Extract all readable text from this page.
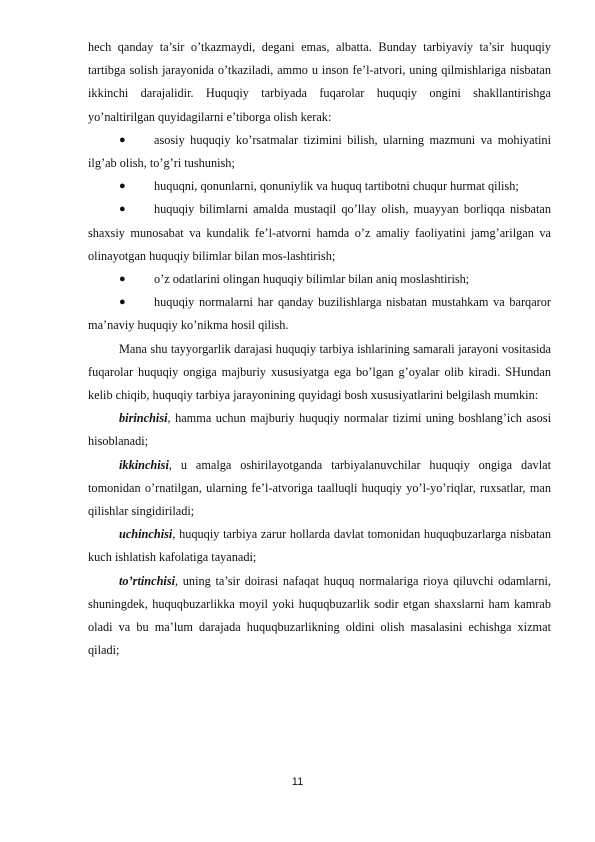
hech qanday ta’sir o’tkazmaydi, degani emas, albatta. Bunday tarbiyaviy ta’sir huquqiy tartibga solish jarayonida o’tkaziladi, ammo u inson fe’l-atvori, uning qilmishlariga nisbatan ikkinchi darajalidir. Huquqiy tarbiyada fuqarolar huquqiy ongini shakllantirishga yo’naltirilgan quyidagilarni e’tiborga olish kerak:

● asosiy huquqiy ko’rsatmalar tizimini bilish, ularning mazmuni va mohiyatini ilg’ab olish, to’g’ri tushunish;

● huquqni, qonunlarni, qonuniylik va huquq tartibotni chuqur hurmat qilish;

● huquqiy bilimlarni amalda mustaqil qo’llay olish, muayyan borliqqa nisbatan shaxsiy munosabat va kundalik fe’l-atvorni hamda o’z amaliy faoliyatini jamg’arilgan va olinayotgan huquqiy bilimlar bilan mos-lashtirish;

● o’z odatlarini olingan huquqiy bilimlar bilan aniq moslashtirish;

● huquqiy normalarni har qanday buzilishlarga nisbatan mustahkam va barqaror ma’naviy huquqiy ko’nikma hosil qilish.

Mana shu tayyorgarlik darajasi huquqiy tarbiya ishlarining samarali jarayoni vositasida fuqarolar huquqiy ongiga majburiy xususiyatga ega bo’lgan g’oyalar olib kiradi. SHundan kelib chiqib, huquqiy tarbiya jarayonining quyidagi bosh xususiyatlarini belgilash mumkin:

birinchisi, hamma uchun majburiy huquqiy normalar tizimi uning boshlang’ich asosi hisoblanadi;

ikkinchisi, u amalga oshirilayotganda tarbiyalanuvchilar huquqiy ongiga davlat tomonidan o’rnatilgan, ularning fe’l-atvoriga taalluqli huquqiy yo’l-yo’riqlar, ruxsatlar, man qilishlar singidiriladi;

uchinchisi, huquqiy tarbiya zarur hollarda davlat tomonidan huquqbuzarlarga nisbatan kuch ishlatish kafolatiga tayanadi;

to’rtinchisi, uning ta’sir doirasi nafaqat huquq normalariga rioya qiluvchi odamlarni, shuningdek, huquqbuzarlikka moyil yoki huquqbuzarlik sodir etgan shaxslarni ham kamrab oladi va bu ma’lum darajada huquqbuzarlikning oldini olish masalasini echishga xizmat qiladi;

11
